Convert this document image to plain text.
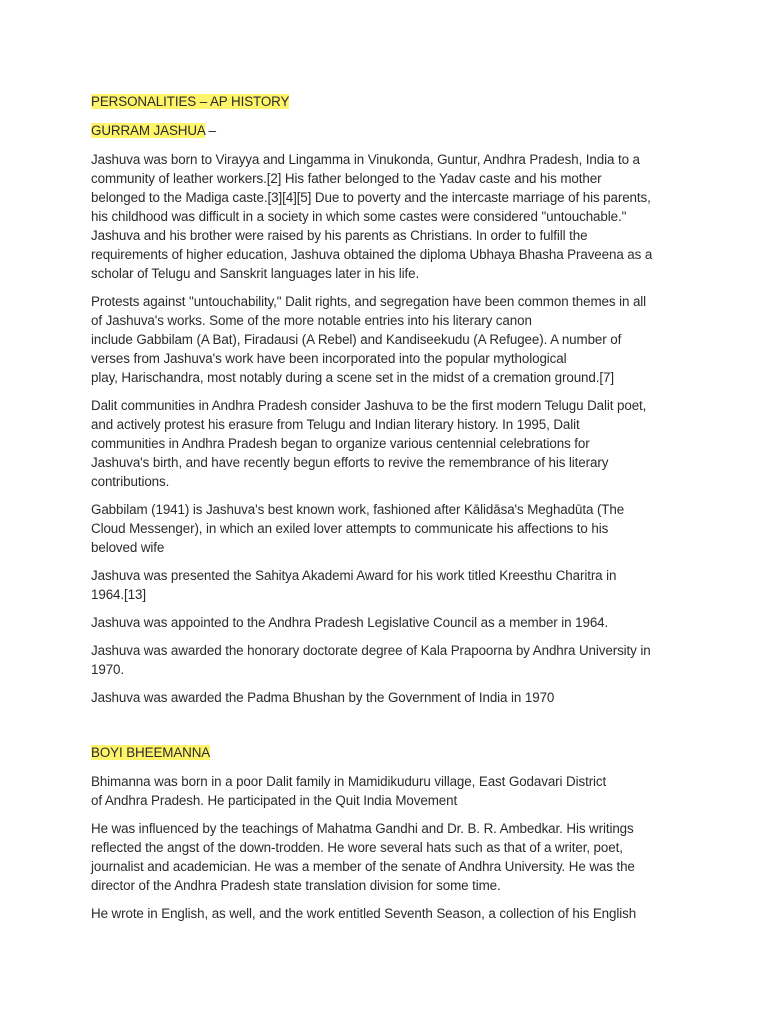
PERSONALITIES – AP HISTORY

GURRAM JASHUA –

Jashuva was born to Virayya and Lingamma in Vinukonda, Guntur, Andhra Pradesh, India to a
community of leather workers.[2] His father belonged to the Yadav caste and his mother
belonged to the Madiga caste.[3][4][5] Due to poverty and the intercaste marriage of his parents,
his childhood was difficult in a society in which some castes were considered "untouchable."
Jashuva and his brother were raised by his parents as Christians. In order to fulfill the
requirements of higher education, Jashuva obtained the diploma Ubhaya Bhasha Praveena as a
scholar of Telugu and Sanskrit languages later in his life.

Protests against "untouchability," Dalit rights, and segregation have been common themes in all
of Jashuva's works. Some of the more notable entries into his literary canon
include Gabbilam (A Bat), Firadausi (A Rebel) and Kandiseekudu (A Refugee). A number of
verses from Jashuva's work have been incorporated into the popular mythological
play, Harischandra, most notably during a scene set in the midst of a cremation ground.[7]

Dalit communities in Andhra Pradesh consider Jashuva to be the first modern Telugu Dalit poet,
and actively protest his erasure from Telugu and Indian literary history. In 1995, Dalit
communities in Andhra Pradesh began to organize various centennial celebrations for
Jashuva's birth, and have recently begun efforts to revive the remembrance of his literary
contributions.

Gabbilam (1941) is Jashuva's best known work, fashioned after Kālidāsa's Meghadūta (The
Cloud Messenger), in which an exiled lover attempts to communicate his affections to his
beloved wife

Jashuva was presented the Sahitya Akademi Award for his work titled Kreesthu Charitra in
1964.[13]

Jashuva was appointed to the Andhra Pradesh Legislative Council as a member in 1964.

Jashuva was awarded the honorary doctorate degree of Kala Prapoorna by Andhra University in
1970.

Jashuva was awarded the Padma Bhushan by the Government of India in 1970

BOYI BHEEMANNA

Bhimanna was born in a poor Dalit family in Mamidikuduru village, East Godavari District
of Andhra Pradesh. He participated in the Quit India Movement

He was influenced by the teachings of Mahatma Gandhi and Dr. B. R. Ambedkar. His writings
reflected the angst of the down-trodden. He wore several hats such as that of a writer, poet,
journalist and academician. He was a member of the senate of Andhra University. He was the
director of the Andhra Pradesh state translation division for some time.

He wrote in English, as well, and the work entitled Seventh Season, a collection of his English
